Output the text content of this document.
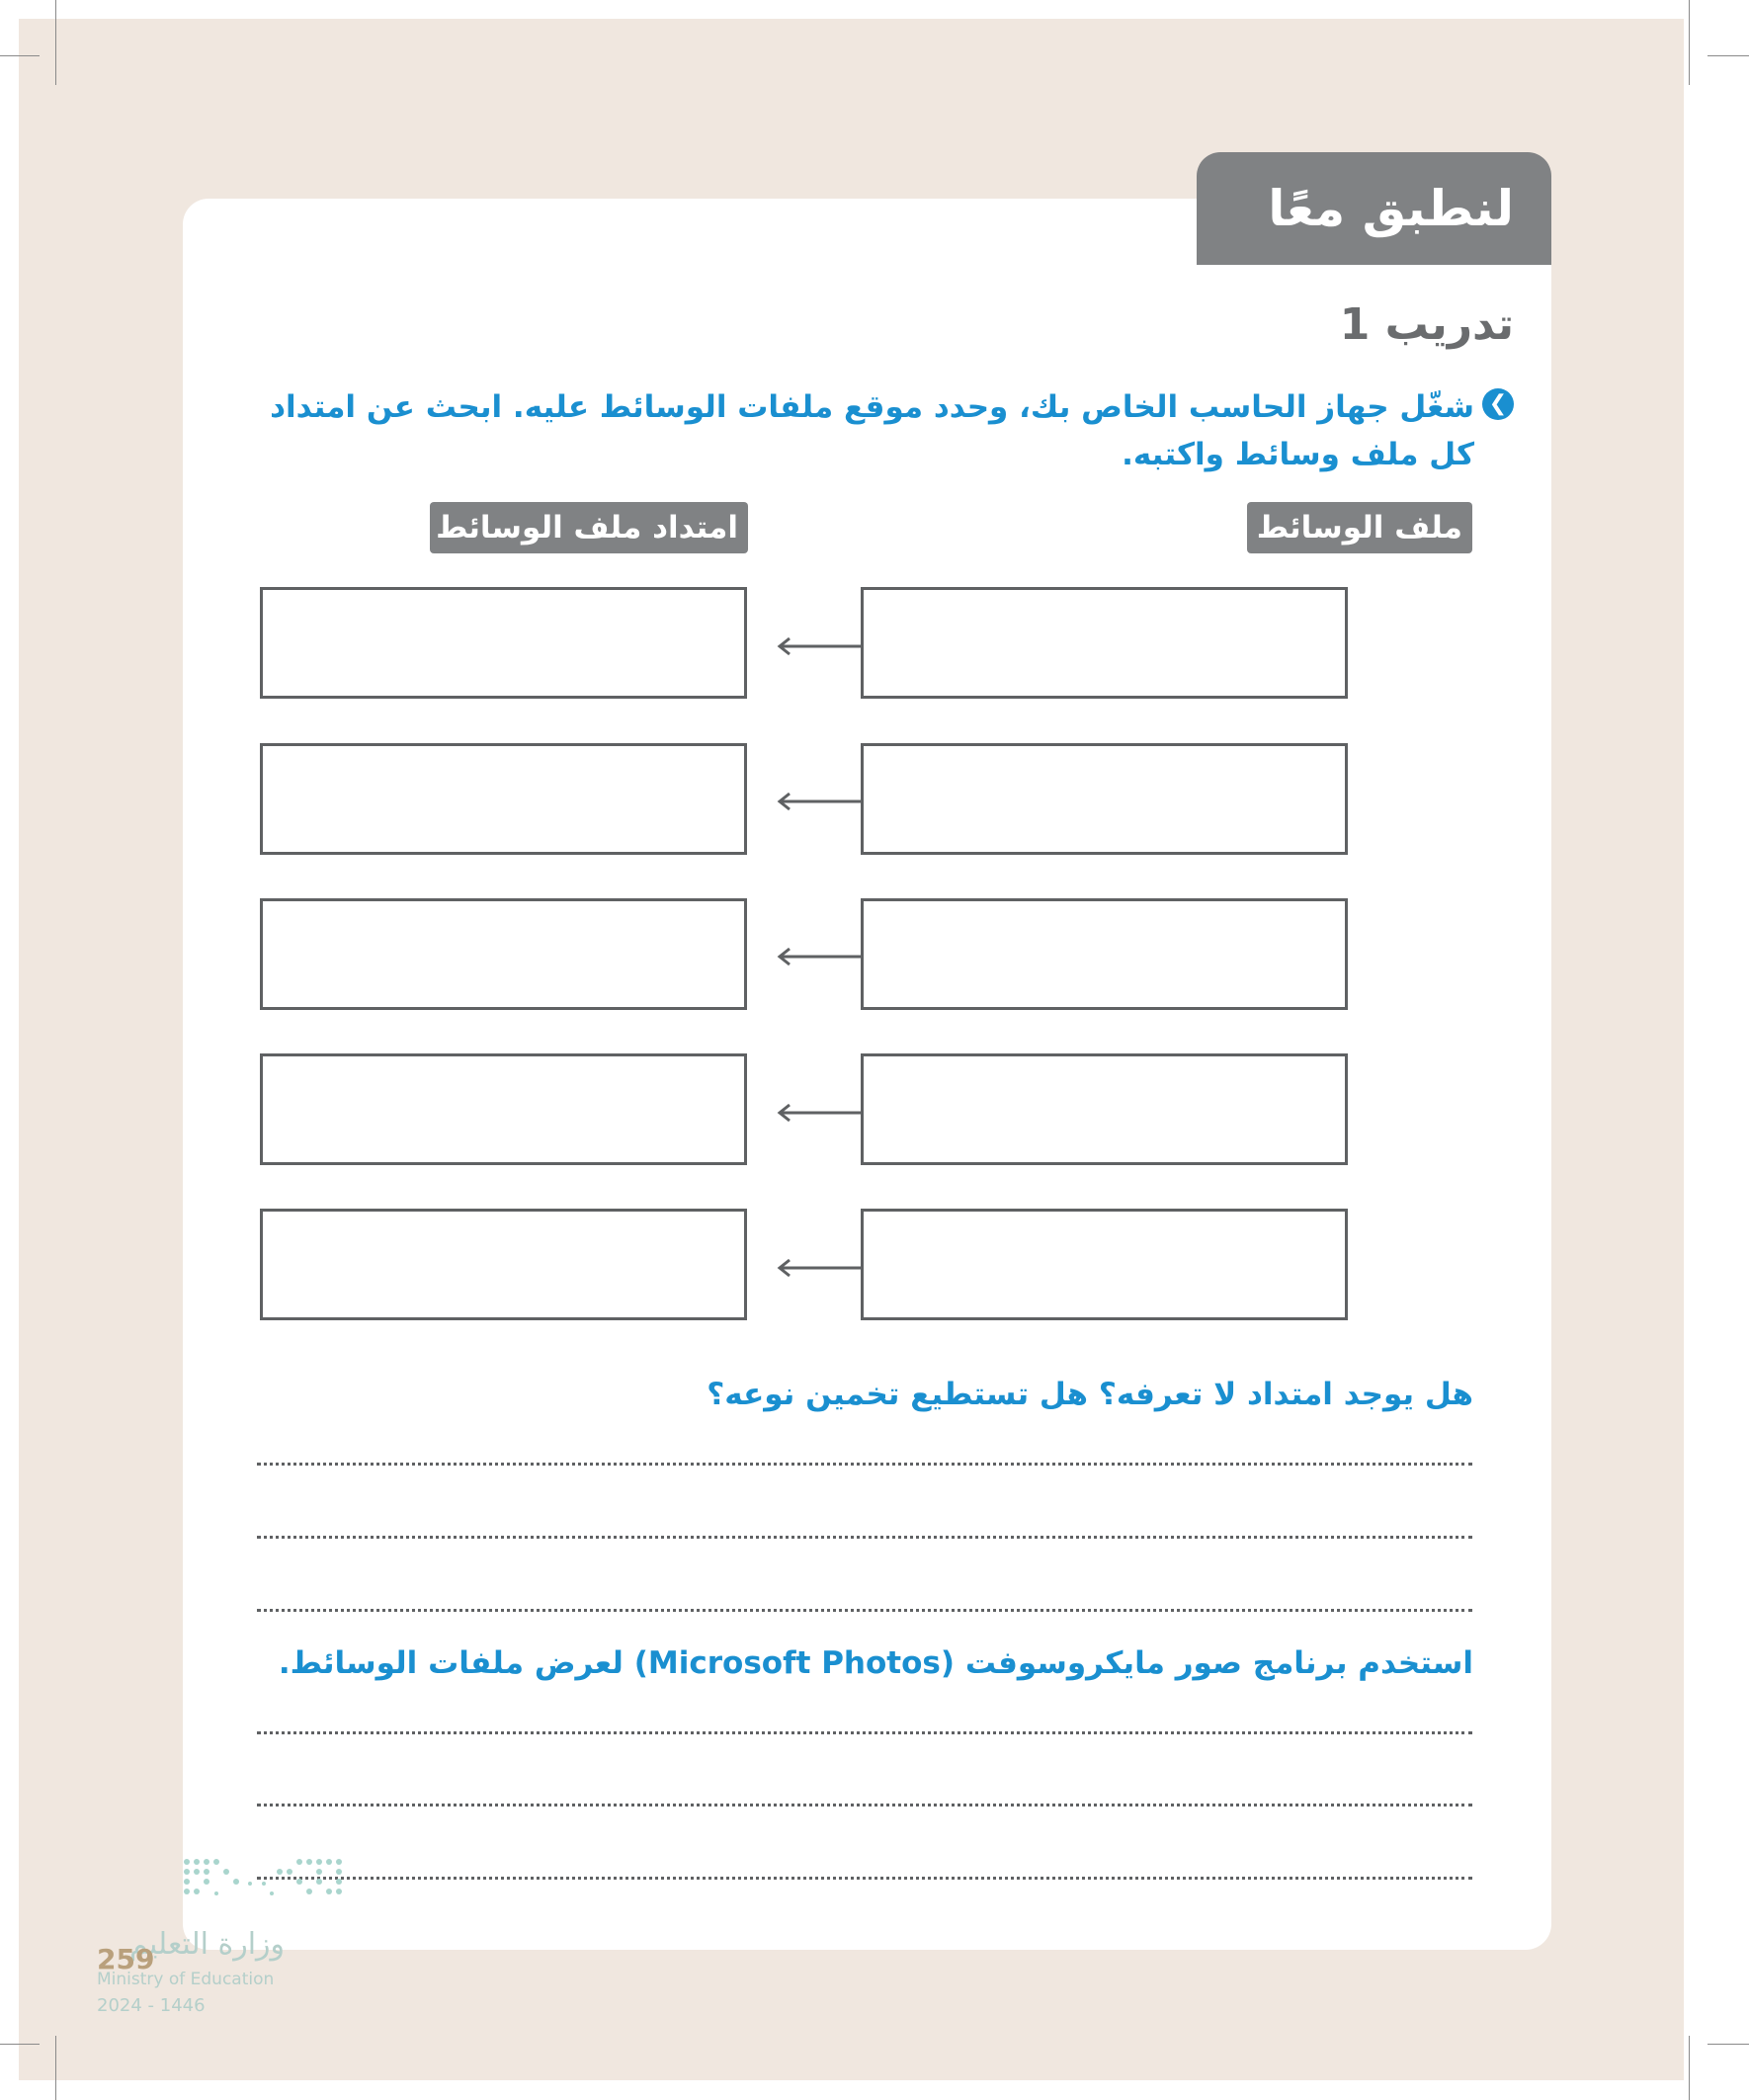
لنطبق معًا
تدريب 1
❮
شغّل جهاز الحاسب الخاص بك، وحدد موقع ملفات الوسائط عليه. ابحث عن امتداد كل ملف وسائط واكتبه.
ملف الوسائط
امتداد ملف الوسائط
هل يوجد امتداد لا تعرفه؟ هل تستطيع تخمين نوعه؟
استخدم برنامج صور مايكروسوفت (Microsoft Photos) لعرض ملفات الوسائط.
وزارة التعليم
259
Ministry of Education
2024 - 1446
